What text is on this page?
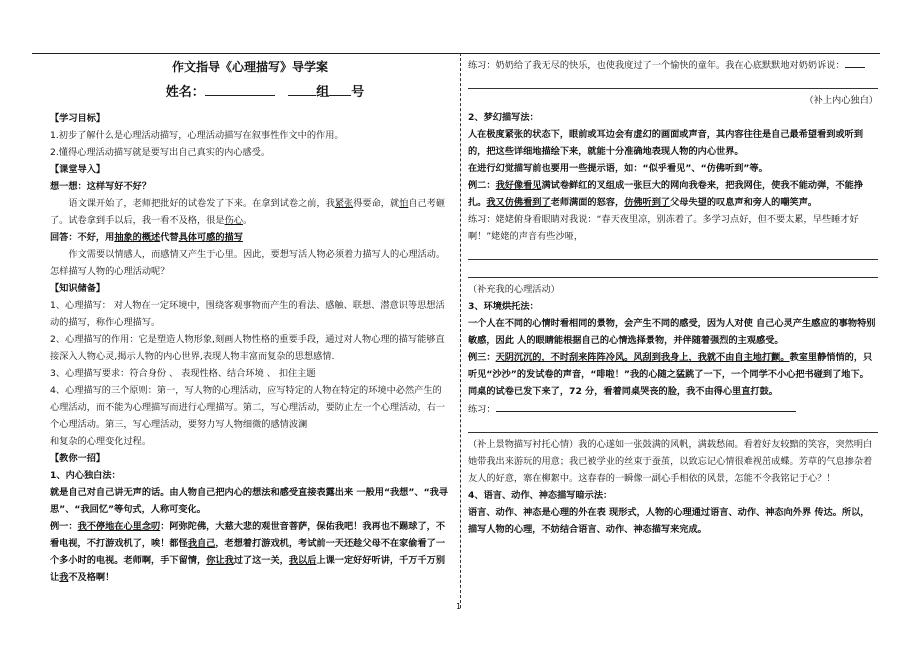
1

作文指导《心理描写》导学案

姓名：	组 号

【学习目标】

1.初步了解什么是心理活动描写，心理活动描写在叙事性作文中的作用。

2.懂得心理活动描写就是要写出自己真实的内心感受。

【课堂导入】

想一想：这样写好不好？

语文课开始了，老师把批好的试卷发了下来。在拿到试卷之前，我紧张得要命，就怕自己考砸了。试卷拿到手以后，我一看不及格，很是伤心。

回答：不好，用抽象的概述代替具体可感的描写

作文需要以情感人，而感情又产生于心里。因此，要想写活人物必须着力描写人的心理活动。怎样描写人物的心理活动呢？

【知识储备】

1、心理描写： 对人物在一定环境中，围绕客观事物而产生的看法、感触、联想、潜意识等思想活动的描写，称作心理描写。

2、心理描写的作用：它是塑造人物形象,刻画人物性格的重要手段，通过对人物心理的描写能够直接深入人物心灵,揭示人物的内心世界,表现人物丰富而复杂的思想感情.

3、心理描写要求：符合身份 、 表现性格、结合环境 、 扣住主题

4、心理描写的三个原则：第一，写人物的心理活动，应写特定的人物在特定的环境中必然产生的心理活动，而不能为心理描写而进行心理描写。第二，写心理活动，要防止左一个心理活动，右一个心理活动。第三，写心理活动，要努力写人物细微的感情波澜

和复杂的心理变化过程。

【教你一招】

1、内心独白法：

就是自己对自己讲无声的话。由人物自己把内心的想法和感受直接表露出来 一般用“我想”、“我寻思”、“我回忆”等句式，人称可变化。

例一：我不停地在心里念叨：阿弥陀佛，大慈大悲的观世音菩萨，保佑我吧！我再也不踢球了，不看电视，不打游戏机了，唉！都怪我自己，老想着打游戏机，考试前一天还趁父母不在家偷看了一个多小时的电视。老师啊，手下留情，你让我过了这一关，我以后上课一定好好听讲，千万千万别让我不及格啊！

练习：奶奶给了我无尽的快乐，也使我度过了一个愉快的童年。我在心底默默地对奶奶诉说：

（补上内心独白）

2、梦幻描写法：

人在极度紧张的状态下，眼前或耳边会有虚幻的画面或声音，其内容往往是自己最希望看到或听到的，把这些详细地描绘下来，就能十分准确地表现人物的内心世界。

在进行幻觉描写前也要用一些提示语，如：“似乎看见”、“仿佛听到”等。

例二：我好像看见满试卷鲜红的叉组成一张巨大的网向我卷来，把我网住，使我不能动弹，不能挣扎。我又仿佛看到了老师满面的怒容，仿佛听到了父母失望的叹息声和旁人的嘲笑声。

练习：姥姥俯身看眼睛对我说：“春天夜里凉，别冻着了。多学习点好，但不要太累，早些睡才好啊！”姥姥的声音有些沙哑，

（补充我的心理活动）

3、环境烘托法：

一个人在不同的心情时看相同的景物，会产生不同的感受，因为人对使 自己心灵产生感应的事物特别敏感，因此 人的眼睛能根据自己的心情选择景物，并伴随着强烈的主观感受。

例三：天阴沉沉的，不时刮来阵阵冷风。风刮到我身上，我就不由自主地打颤。教室里静悄悄的，只听见“沙沙”的发试卷的声音，“啡啦！”我的心随之猛跳了一下，一个同学不小心把书碰到了地下。同桌的试卷已发下来了，72 分，看着同桌哭丧的脸，我不由得心里直打鼓。

练习：

（补上景物描写衬托心情）我的心遂如一张鼓满的风帆，满载愁闹。看着好友较黯的笑容，突然明白她带我出来游玩的用意；我已被学业的丝束于蚕茧，以致忘记心情很难视茁成蝶。芳草的气息掺杂着友人的好意，寨在柳絮中。这春春的一瞬像一副心手相依的风景，怎能不令我铭记于心？！

4、语言、动作、神态描写暗示法：

语言、动作、神态是心理的外在表 现形式，人物的心理通过语言、动作、神态向外界 传达。所以，描写人物的心理，不妨结合语言、动作、神态描写来完成。
